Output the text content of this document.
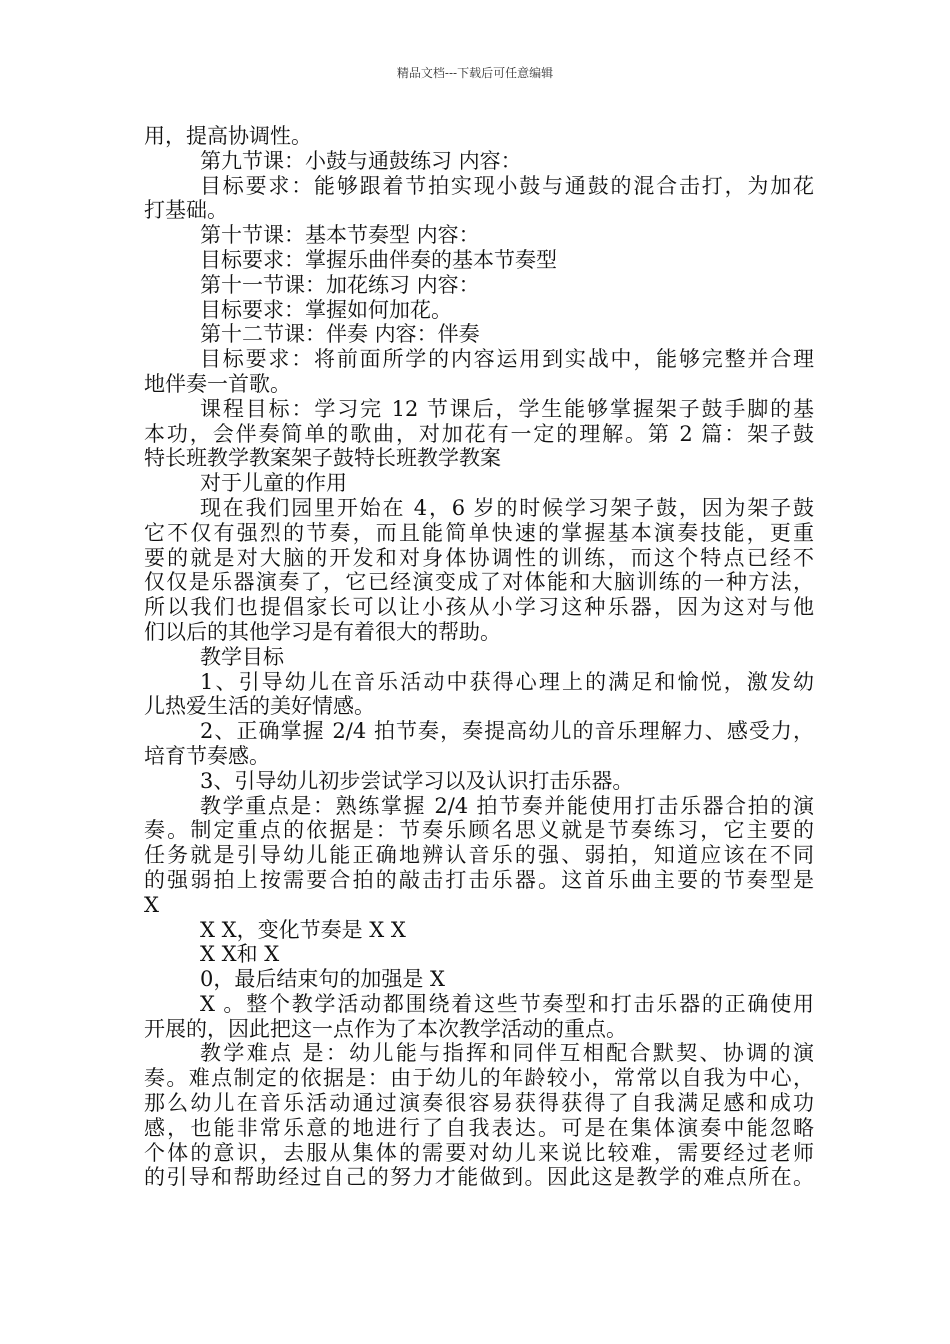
精品文档---下载后可任意编辑
用，提高协调性。
第九节课：小鼓与通鼓练习 内容：
目标要求：能够跟着节拍实现小鼓与通鼓的混合击打，为加花
打基础。
第十节课：基本节奏型 内容：
目标要求：掌握乐曲伴奏的基本节奏型
第十一节课：加花练习 内容：
目标要求：掌握如何加花。
第十二节课：伴奏 内容：伴奏
目标要求：将前面所学的内容运用到实战中，能够完整并合理
地伴奏一首歌。
课程目标：学习完 12 节课后，学生能够掌握架子鼓手脚的基
本功，会伴奏简单的歌曲，对加花有一定的理解。第 2 篇：架子鼓
特长班教学教案架子鼓特长班教学教案
对于儿童的作用
现在我们园里开始在 4，6 岁的时候学习架子鼓，因为架子鼓
它不仅有强烈的节奏，而且能简单快速的掌握基本演奏技能，更重
要的就是对大脑的开发和对身体协调性的训练，而这个特点已经不
仅仅是乐器演奏了，它已经演变成了对体能和大脑训练的一种方法，
所以我们也提倡家长可以让小孩从小学习这种乐器，因为这对与他
们以后的其他学习是有着很大的帮助。
教学目标
1、引导幼儿在音乐活动中获得心理上的满足和愉悦，激发幼
儿热爱生活的美好情感。
2、正确掌握 2/4 拍节奏，奏提高幼儿的音乐理解力、感受力，
培育节奏感。
3、引导幼儿初步尝试学习以及认识打击乐器。
教学重点是：熟练掌握 2/4 拍节奏并能使用打击乐器合拍的演
奏。制定重点的依据是：节奏乐顾名思义就是节奏练习，它主要的
任务就是引导幼儿能正确地辨认音乐的强、弱拍，知道应该在不同
的强弱拍上按需要合拍的敲击打击乐器。这首乐曲主要的节奏型是
X
X X，变化节奏是 X X
X X和 X
0，最后结束句的加强是 X
X 。整个教学活动都围绕着这些节奏型和打击乐器的正确使用
开展的，因此把这一点作为了本次教学活动的重点。
教学难点 是：幼儿能与指挥和同伴互相配合默契、协调的演
奏。难点制定的依据是：由于幼儿的年龄较小，常常以自我为中心，
那么幼儿在音乐活动通过演奏很容易获得获得了自我满足感和成功
感，也能非常乐意的地进行了自我表达。可是在集体演奏中能忽略
个体的意识，去服从集体的需要对幼儿来说比较难，需要经过老师
的引导和帮助经过自己的努力才能做到。因此这是教学的难点所在。
